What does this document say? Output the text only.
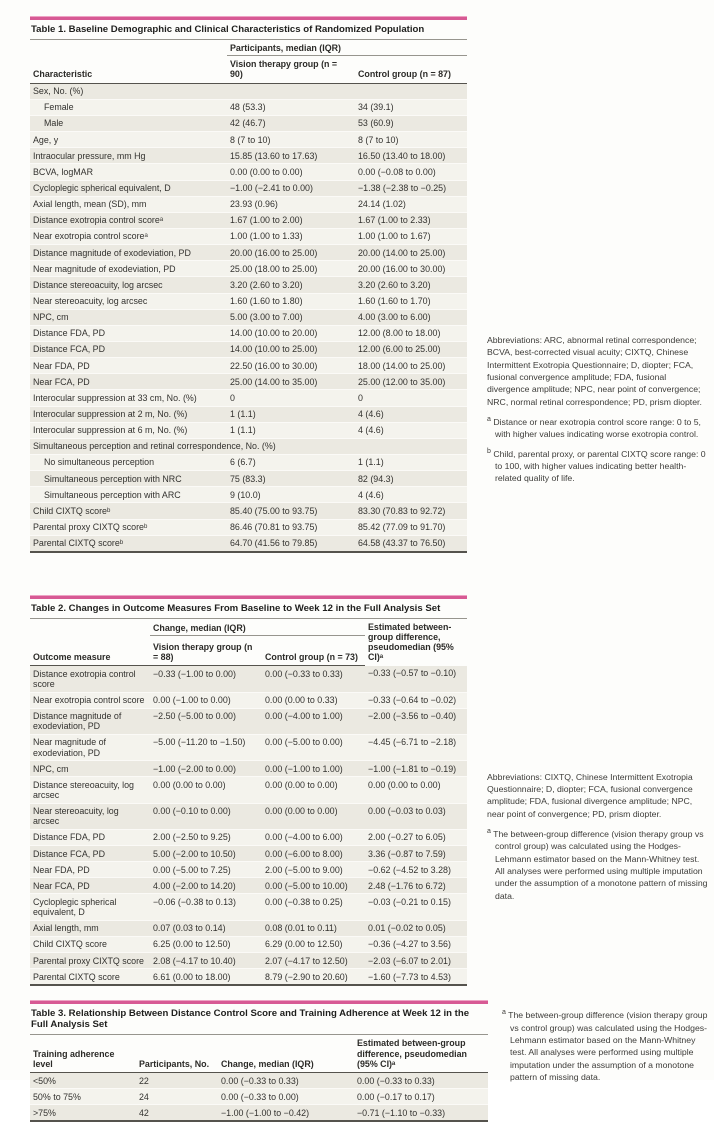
Table 1. Baseline Demographic and Clinical Characteristics of Randomized Population
	Participants, median (IQR)	
Characteristic	Vision therapy group (n = 90)	Control group (n = 87)
Sex, No. (%)		
Female	48 (53.3)	34 (39.1)
Male	42 (46.7)	53 (60.9)
Age, y	8 (7 to 10)	8 (7 to 10)
Intraocular pressure, mm Hg	15.85 (13.60 to 17.63)	16.50 (13.40 to 18.00)
BCVA, logMAR	0.00 (0.00 to 0.00)	0.00 (−0.08 to 0.00)
Cycloplegic spherical equivalent, D	−1.00 (−2.41 to 0.00)	−1.38 (−2.38 to −0.25)
Axial length, mean (SD), mm	23.93 (0.96)	24.14 (1.02)
Distance exotropia control scoreᵃ	1.67 (1.00 to 2.00)	1.67 (1.00 to 2.33)
Near exotropia control scoreᵃ	1.00 (1.00 to 1.33)	1.00 (1.00 to 1.67)
Distance magnitude of exodeviation, PD	20.00 (16.00 to 25.00)	20.00 (14.00 to 25.00)
Near magnitude of exodeviation, PD	25.00 (18.00 to 25.00)	20.00 (16.00 to 30.00)
Distance stereoacuity, log arcsec	3.20 (2.60 to 3.20)	3.20 (2.60 to 3.20)
Near stereoacuity, log arcsec	1.60 (1.60 to 1.80)	1.60 (1.60 to 1.70)
NPC, cm	5.00 (3.00 to 7.00)	4.00 (3.00 to 6.00)
Distance FDA, PD	14.00 (10.00 to 20.00)	12.00 (8.00 to 18.00)
Distance FCA, PD	14.00 (10.00 to 25.00)	12.00 (6.00 to 25.00)
Near FDA, PD	22.50 (16.00 to 30.00)	18.00 (14.00 to 25.00)
Near FCA, PD	25.00 (14.00 to 35.00)	25.00 (12.00 to 35.00)
Interocular suppression at 33 cm, No. (%)	0	0
Interocular suppression at 2 m, No. (%)	1 (1.1)	4 (4.6)
Interocular suppression at 6 m, No. (%)	1 (1.1)	4 (4.6)
Simultaneous perception and retinal correspondence, No. (%)		
No simultaneous perception	6 (6.7)	1 (1.1)
Simultaneous perception with NRC	75 (83.3)	82 (94.3)
Simultaneous perception with ARC	9 (10.0)	4 (4.6)
Child CIXTQ scoreᵇ	85.40 (75.00 to 93.75)	83.30 (70.83 to 92.72)
Parental proxy CIXTQ scoreᵇ	86.46 (70.81 to 93.75)	85.42 (77.09 to 91.70)
Parental CIXTQ scoreᵇ	64.70 (41.56 to 79.85)	64.58 (43.37 to 76.50)

Abbreviations: ARC, abnormal retinal correspondence; BCVA, best-corrected visual acuity; CIXTQ, Chinese Intermittent Exotropia Questionnaire; D, diopter; FCA, fusional convergence amplitude; FDA, fusional divergence amplitude; NPC, near point of convergence; NRC, normal retinal correspondence; PD, prism diopter.

$^a$ Distance or near exotropia control score range: 0 to 5, with higher values indicating worse exotropia control.

$^b$ Child, parental proxy, or parental CIXTQ score range: 0 to 100, with higher values indicating better health-related quality of life.

Table 2. Changes in Outcome Measures From Baseline to Week 12 in the Full Analysis Set
	Change, median (IQR)		Estimated between-group difference, pseudomedian (95% CI)ᵃ
Outcome measure	Vision therapy group (n = 88)	Control group (n = 73)	
Distance exotropia control score	−0.33 (−1.00 to 0.00)	0.00 (−0.33 to 0.33)	−0.33 (−0.57 to −0.10)
Near exotropia control score	0.00 (−1.00 to 0.00)	0.00 (0.00 to 0.33)	−0.33 (−0.64 to −0.02)
Distance magnitude of exodeviation, PD	−2.50 (−5.00 to 0.00)	0.00 (−4.00 to 1.00)	−2.00 (−3.56 to −0.40)
Near magnitude of exodeviation, PD	−5.00 (−11.20 to −1.50)	0.00 (−5.00 to 0.00)	−4.45 (−6.71 to −2.18)
NPC, cm	−1.00 (−2.00 to 0.00)	0.00 (−1.00 to 1.00)	−1.00 (−1.81 to −0.19)
Distance stereoacuity, log arcsec	0.00 (0.00 to 0.00)	0.00 (0.00 to 0.00)	0.00 (0.00 to 0.00)
Near stereoacuity, log arcsec	0.00 (−0.10 to 0.00)	0.00 (0.00 to 0.00)	0.00 (−0.03 to 0.03)
Distance FDA, PD	2.00 (−2.50 to 9.25)	0.00 (−4.00 to 6.00)	2.00 (−0.27 to 6.05)
Distance FCA, PD	5.00 (−2.00 to 10.50)	0.00 (−6.00 to 8.00)	3.36 (−0.87 to 7.59)
Near FDA, PD	0.00 (−5.00 to 7.25)	2.00 (−5.00 to 9.00)	−0.62 (−4.52 to 3.28)
Near FCA, PD	4.00 (−2.00 to 14.20)	0.00 (−5.00 to 10.00)	2.48 (−1.76 to 6.72)
Cycloplegic spherical equivalent, D	−0.06 (−0.38 to 0.13)	0.00 (−0.38 to 0.25)	−0.03 (−0.21 to 0.15)
Axial length, mm	0.07 (0.03 to 0.14)	0.08 (0.01 to 0.11)	0.01 (−0.02 to 0.05)
Child CIXTQ score	6.25 (0.00 to 12.50)	6.29 (0.00 to 12.50)	−0.36 (−4.27 to 3.56)
Parental proxy CIXTQ score	2.08 (−4.17 to 10.40)	2.07 (−4.17 to 12.50)	−2.03 (−6.07 to 2.01)
Parental CIXTQ score	6.61 (0.00 to 18.00)	8.79 (−2.90 to 20.60)	−1.60 (−7.73 to 4.53)

Abbreviations: CIXTQ, Chinese Intermittent Exotropia Questionnaire; D, diopter; FCA, fusional convergence amplitude; FDA, fusional divergence amplitude; NPC, near point of convergence; PD, prism diopter.

$^a$ The between-group difference (vision therapy group vs control group) was calculated using the Hodges-Lehmann estimator based on the Mann-Whitney test. All analyses were performed using multiple imputation under the assumption of a monotone pattern of missing data.

Table 3. Relationship Between Distance Control Score and Training Adherence at Week 12 in the Full Analysis Set
Training adherence level	Participants, No.	Change, median (IQR)	Estimated between-group difference, pseudomedian (95% CI)ᵃ
<50%	22	0.00 (−0.33 to 0.33)	0.00 (−0.33 to 0.33)
50% to 75%	24	0.00 (−0.33 to 0.00)	0.00 (−0.17 to 0.17)
>75%	42	−1.00 (−1.00 to −0.42)	−0.71 (−1.10 to −0.33)

$^a$ The between-group difference (vision therapy group vs control group) was calculated using the Hodges-Lehmann estimator based on the Mann-Whitney test. All analyses were performed using multiple imputation under the assumption of a monotone pattern of missing data.
